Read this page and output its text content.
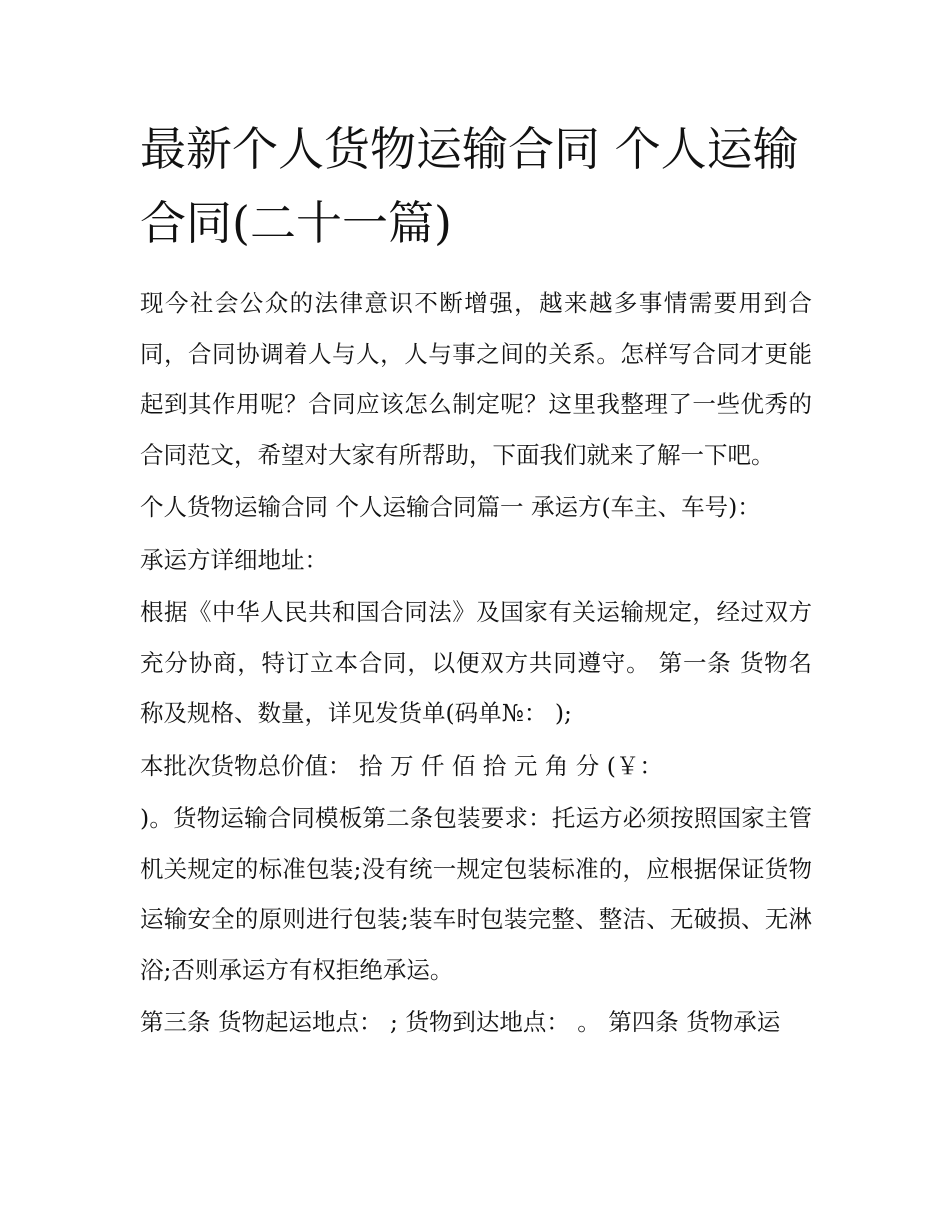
最新个人货物运输合同 个人运输合同(二十一篇)

现今社会公众的法律意识不断增强，越来越多事情需要用到合同，合同协调着人与人，人与事之间的关系。怎样写合同才更能起到其作用呢？合同应该怎么制定呢？这里我整理了一些优秀的合同范文，希望对大家有所帮助，下面我们就来了解一下吧。

个人货物运输合同 个人运输合同篇一 承运方(车主、车号)：

承运方详细地址：

根据《中华人民共和国合同法》及国家有关运输规定，经过双方充分协商，特订立本合同，以便双方共同遵守。 第一条 货物名称及规格、数量，详见发货单(码单№： );

本批次货物总价值： 拾 万 仟 佰 拾 元 角 分 (￥：

)。货物运输合同模板第二条包装要求：托运方必须按照国家主管机关规定的标准包装;没有统一规定包装标准的，应根据保证货物运输安全的原则进行包装;装车时包装完整、整洁、无破损、无淋浴;否则承运方有权拒绝承运。

第三条 货物起运地点： ; 货物到达地点： 。 第四条 货物承运
